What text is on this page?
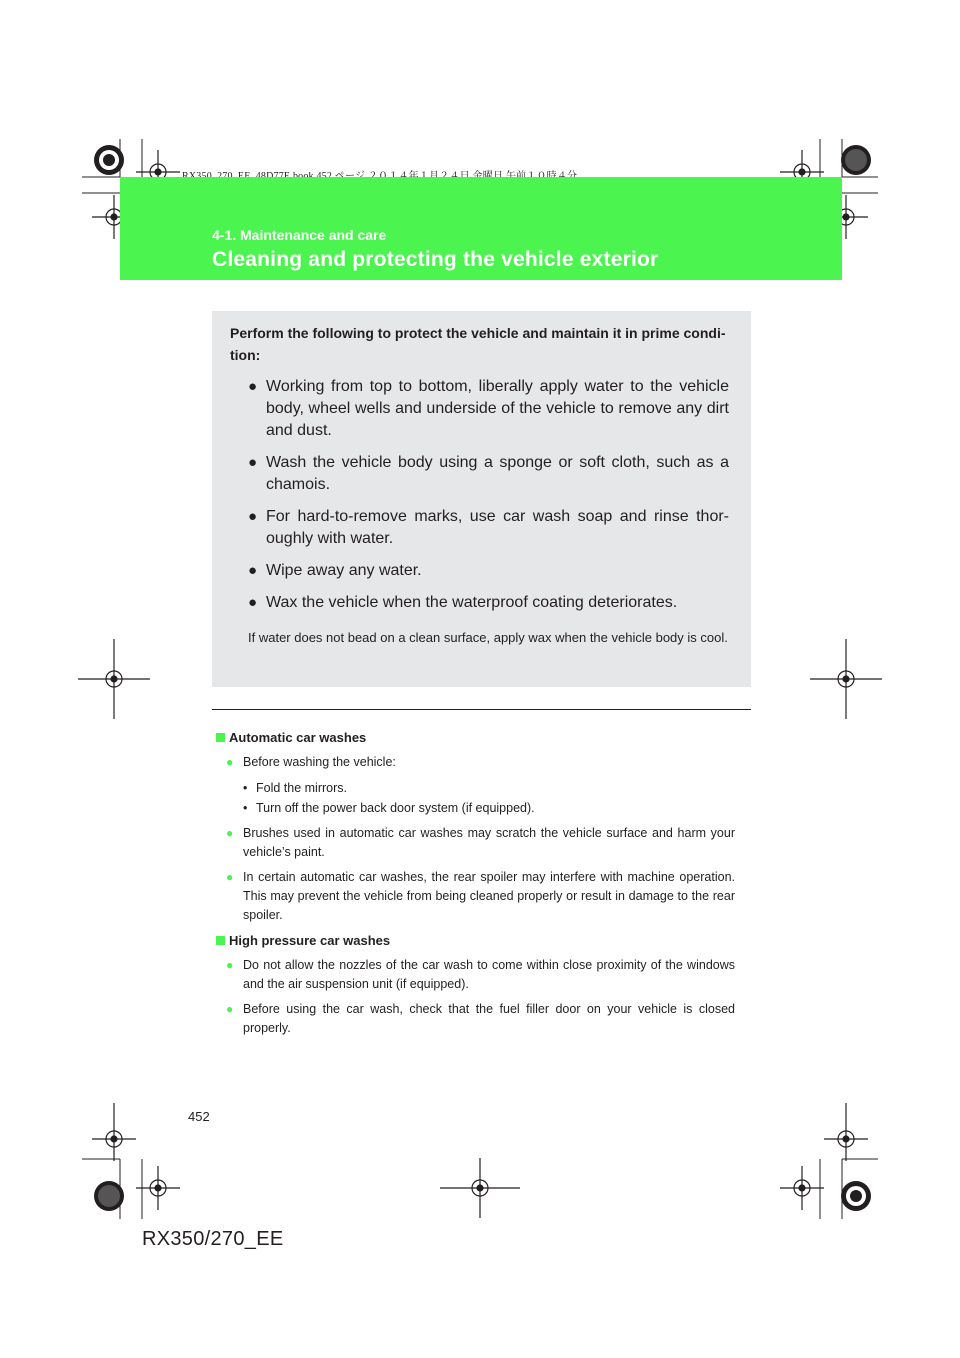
4-1. Maintenance and care
Cleaning and protecting the vehicle exterior

Perform the following to protect the vehicle and maintain it in prime condi-tion:

● Working from top to bottom, liberally apply water to the vehicle body, wheel wells and underside of the vehicle to remove any dirt and dust.
● Wash the vehicle body using a sponge or soft cloth, such as a chamois.
● For hard-to-remove marks, use car wash soap and rinse thor-oughly with water.
● Wipe away any water.
● Wax the vehicle when the waterproof coating deteriorates.

If water does not bead on a clean surface, apply wax when the vehicle body is cool.

Automatic car washes
● Before washing the vehicle:
• Fold the mirrors.
• Turn off the power back door system (if equipped).
● Brushes used in automatic car washes may scratch the vehicle surface and harm your vehicle’s paint.
● In certain automatic car washes, the rear spoiler may interfere with machine operation. This may prevent the vehicle from being cleaned properly or result in damage to the rear spoiler.
High pressure car washes
● Do not allow the nozzles of the car wash to come within close proximity of the windows and the air suspension unit (if equipped).
● Before using the car wash, check that the fuel filler door on your vehicle is closed properly.
452
RX350/270_EE
